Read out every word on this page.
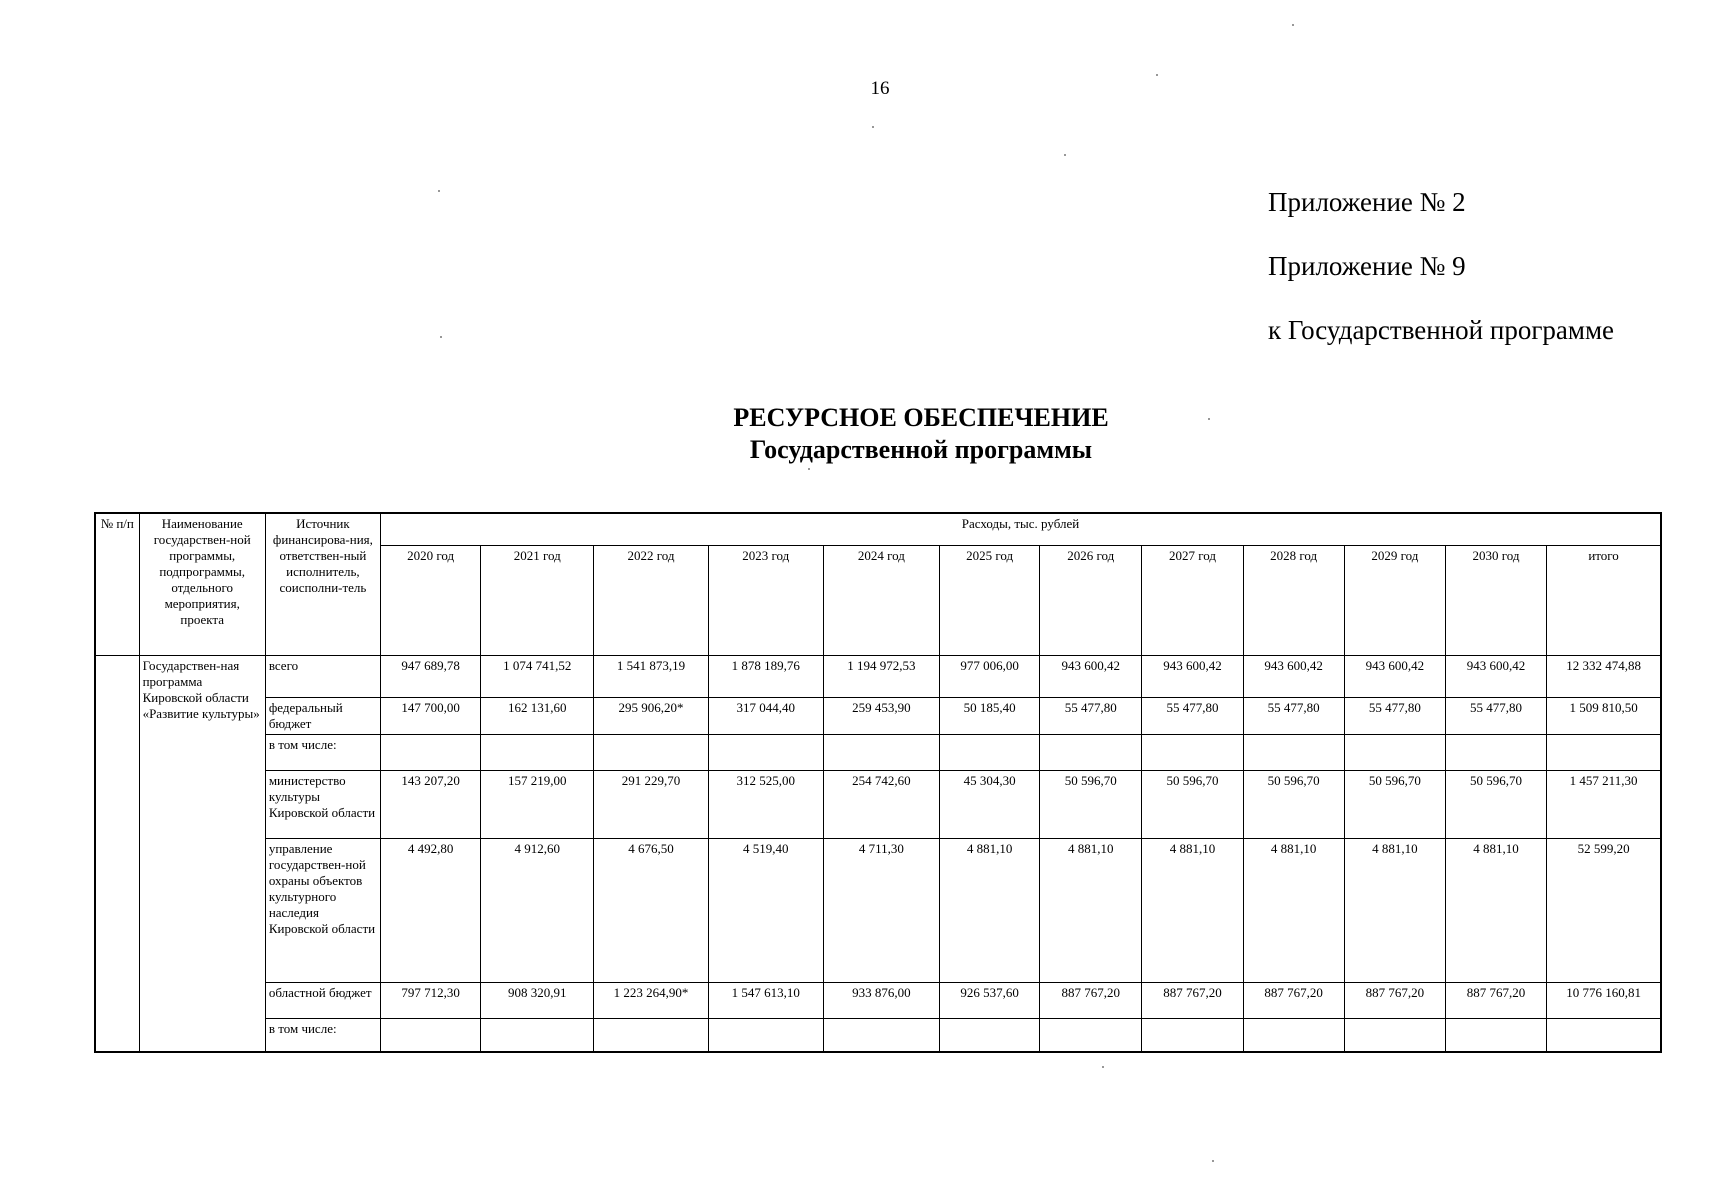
16
Приложение № 2
Приложение № 9
к Государственной программе
РЕСУРСНОЕ ОБЕСПЕЧЕНИЕ
Государственной программы
№ п/п	Наименование государствен-ной программы, подпрограммы, отдельного мероприятия, проекта	Источник финансирова-ния, ответствен-ный исполнитель, соисполни-тель	Расходы, тыс. рублей											
			2020 год	2021 год	2022 год	2023 год	2024 год	2025 год	2026 год	2027 год	2028 год	2029 год	2030 год	итого
	Государствен-ная программа Кировской области «Развитие культуры»	всего	947 689,78	1 074 741,52	1 541 873,19	1 878 189,76	1 194 972,53	977 006,00	943 600,42	943 600,42	943 600,42	943 600,42	943 600,42	12 332 474,88
		федеральный бюджет	147 700,00	162 131,60	295 906,20*	317 044,40	259 453,90	50 185,40	55 477,80	55 477,80	55 477,80	55 477,80	55 477,80	1 509 810,50
		в том числе:												
		министерство культуры Кировской области	143 207,20	157 219,00	291 229,70	312 525,00	254 742,60	45 304,30	50 596,70	50 596,70	50 596,70	50 596,70	50 596,70	1 457 211,30
		управление государствен-ной охраны объектов культурного наследия Кировской области	4 492,80	4 912,60	4 676,50	4 519,40	4 711,30	4 881,10	4 881,10	4 881,10	4 881,10	4 881,10	4 881,10	52 599,20
		областной бюджет	797 712,30	908 320,91	1 223 264,90*	1 547 613,10	933 876,00	926 537,60	887 767,20	887 767,20	887 767,20	887 767,20	887 767,20	10 776 160,81
		в том числе:												
